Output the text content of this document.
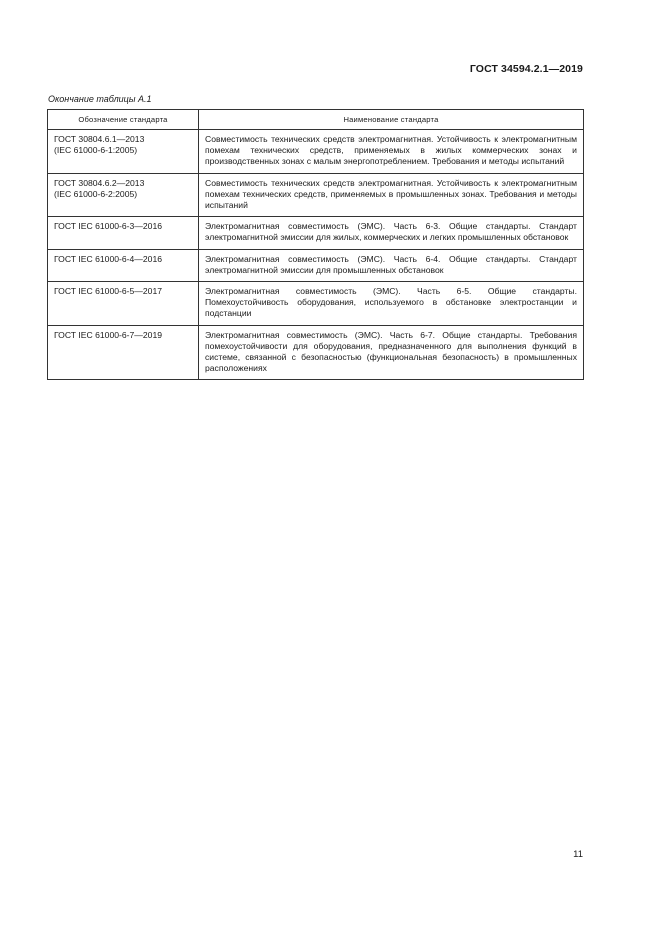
ГОСТ 34594.2.1—2019
Окончание таблицы А.1
Обозначение стандарта	Наименование стандарта

ГОСТ 30804.6.1—2013
(IEC 61000-6-1:2005)	Совместимость технических средств электромагнитная. Устойчивость к электромагнитным помехам технических средств, применяемых в жилых коммерческих зонах и производственных зонах с малым энергопотреблением. Требования и методы испытаний

ГОСТ 30804.6.2—2013
(IEC 61000-6-2:2005)	Совместимость технических средств электромагнитная. Устойчивость к электромагнитным помехам технических средств, применяемых в промышленных зонах. Требования и методы испытаний

ГОСТ IEC 61000-6-3—2016	Электромагнитная совместимость (ЭМС). Часть 6-3. Общие стандарты. Стандарт электромагнитной эмиссии для жилых, коммерческих и легких промышленных обстановок

ГОСТ IEC 61000-6-4—2016	Электромагнитная совместимость (ЭМС). Часть 6-4. Общие стандарты. Стандарт электромагнитной эмиссии для промышленных обстановок

ГОСТ IEC 61000-6-5—2017	Электромагнитная совместимость (ЭМС). Часть 6-5. Общие стандарты. Помехоустойчивость оборудования, используемого в обстановке электростанции и подстанции

ГОСТ IEC 61000-6-7—2019	Электромагнитная совместимость (ЭМС). Часть 6-7. Общие стандарты. Требования помехоустойчивости для оборудования, предназначенного для выполнения функций в системе, связанной с безопасностью (функциональная безопасность) в промышленных расположениях
11
